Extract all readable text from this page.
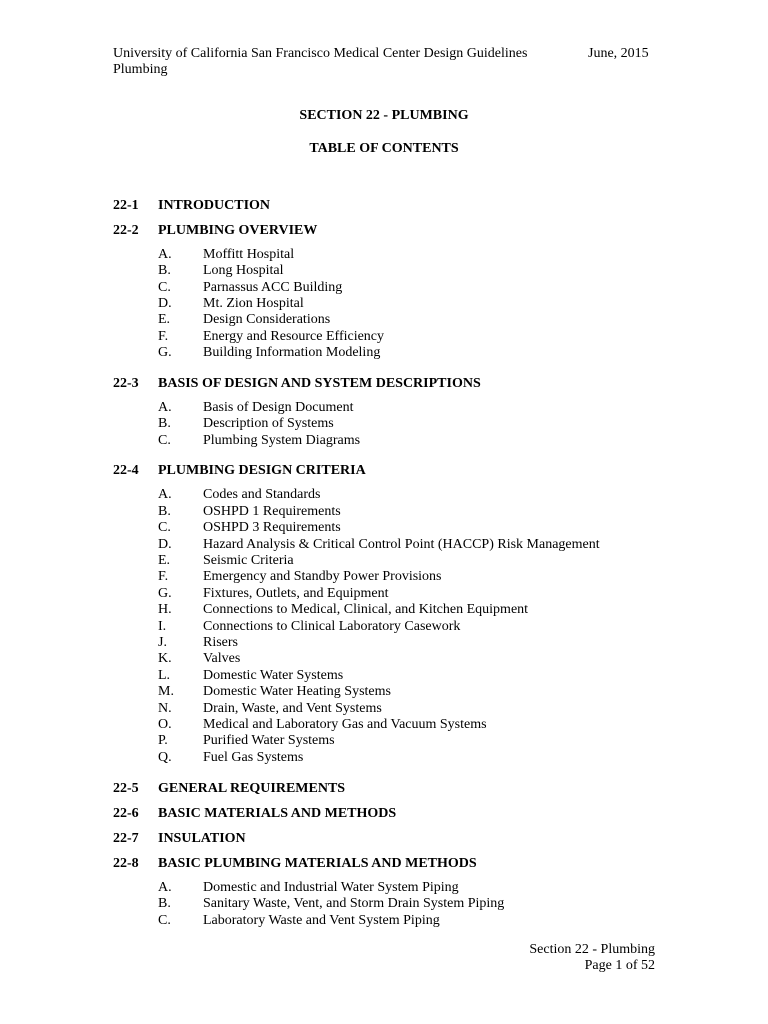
University of California San Francisco Medical Center Design Guidelines
Plumbing
June, 2015
SECTION 22 - PLUMBING
TABLE OF CONTENTS
22-1	INTRODUCTION
22-2	PLUMBING OVERVIEW
A.	Moffitt Hospital
B.	Long Hospital
C.	Parnassus ACC Building
D.	Mt. Zion Hospital
E.	Design Considerations
F.	Energy and Resource Efficiency
G.	Building Information Modeling
22-3	BASIS OF DESIGN AND SYSTEM DESCRIPTIONS
A.	Basis of Design Document
B.	Description of Systems
C.	Plumbing System Diagrams
22-4	PLUMBING DESIGN CRITERIA
A.	Codes and Standards
B.	OSHPD 1 Requirements
C.	OSHPD 3 Requirements
D.	Hazard Analysis & Critical Control Point (HACCP) Risk Management
E.	Seismic Criteria
F.	Emergency and Standby Power Provisions
G.	Fixtures, Outlets, and Equipment
H.	Connections to Medical, Clinical, and Kitchen Equipment
I.	Connections to Clinical Laboratory Casework
J.	Risers
K.	Valves
L.	Domestic Water Systems
M.	Domestic Water Heating Systems
N.	Drain, Waste, and Vent Systems
O.	Medical and Laboratory Gas and Vacuum Systems
P.	Purified Water Systems
Q.	Fuel Gas Systems
22-5	GENERAL REQUIREMENTS
22-6	BASIC MATERIALS AND METHODS
22-7	INSULATION
22-8	BASIC PLUMBING MATERIALS AND METHODS
A.	Domestic and Industrial Water System Piping
B.	Sanitary Waste, Vent, and Storm Drain System Piping
C.	Laboratory Waste and Vent System Piping
Section 22 - Plumbing
Page 1 of 52
